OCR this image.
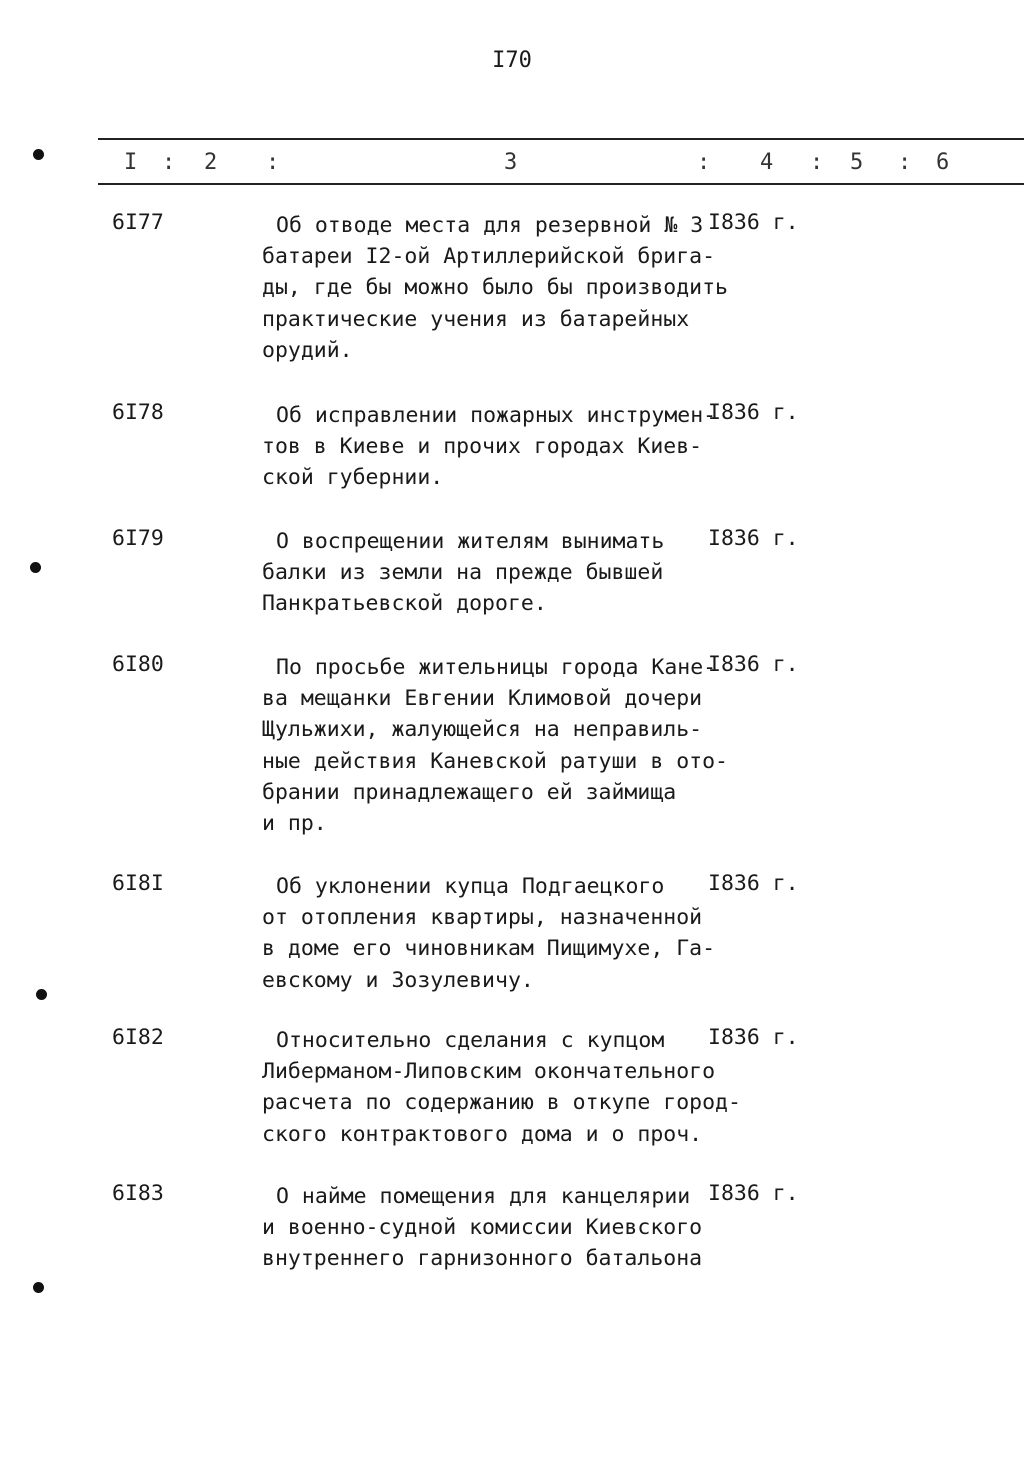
I70
I : 2 :	3	: 4 : 5 : 6
6I77	Об отводе места для резервной № 3
батареи I2-ой Артиллерийской брига-
ды, где бы можно было бы производить
практические учения из батарейных
орудий.
I836 г.
6I78	Об исправлении пожарных инструмен-
тов в Киеве и прочих городах Киев-
ской губернии.
I836 г.
6I79	О воспрещении жителям вынимать
балки из земли на прежде бывшей
Панкратьевской дороге.
I836 г.
6I80	По просьбе жительницы города Кане-
ва мещанки Евгении Климовой дочери
Щульжихи, жалующейся на неправиль-
ные действия Каневской ратуши в ото-
брании принадлежащего ей займища
и пр.
I836 г.
6I8I	Об уклонении купца Подгаецкого
от отопления квартиры, назначенной
в доме его чиновникам Пищимухе, Га-
евскому и Зозулевичу.
I836 г.
6I82	Относительно сделания с купцом
Либерманом-Липовским окончательного
расчета по содержанию в откупе город-
ского контрактового дома и о проч.
I836 г.
6I83	О найме помещения для канцелярии
и военно-судной комиссии Киевского
внутреннего гарнизонного батальона
I836 г.
